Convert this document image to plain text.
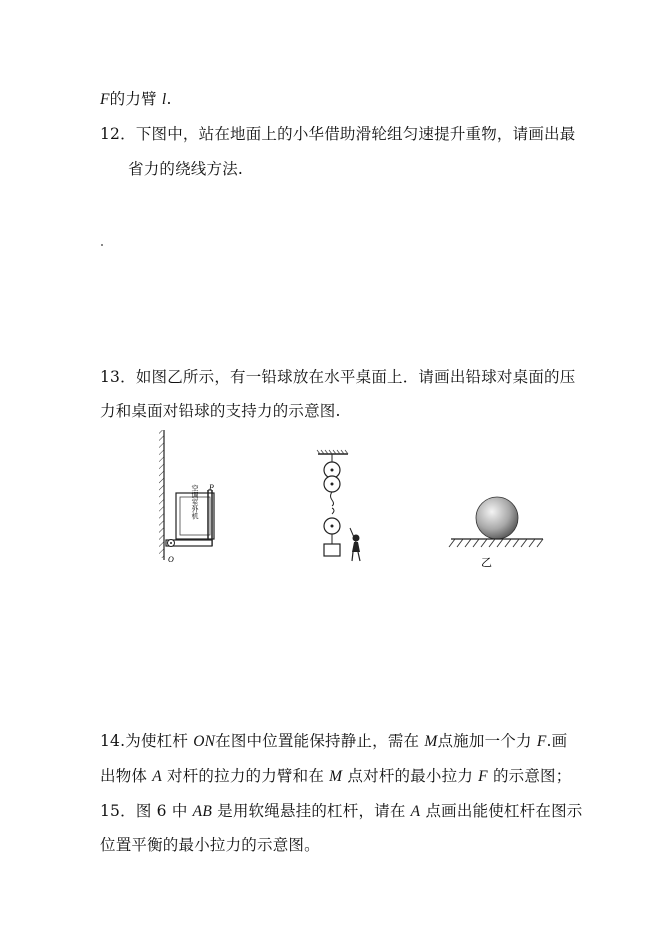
F的力臂 l.
12．下图中，站在地面上的小华借助滑轮组匀速提升重物，请画出最
省力的绕线方法.
13．如图乙所示，有一铅球放在水平桌面上．请画出铅球对桌面的压
力和桌面对铅球的支持力的示意图.
空调室外机 P
O	乙
14.为使杠杆 ON在图中位置能保持静止，需在 M点施加一个力 F.画
出物体 A 对杆的拉力的力臂和在 M 点对杆的最小拉力 F 的示意图；
15．图 6 中 AB 是用软绳悬挂的杠杆，请在 A 点画出能使杠杆在图示
位置平衡的最小拉力的示意图。
